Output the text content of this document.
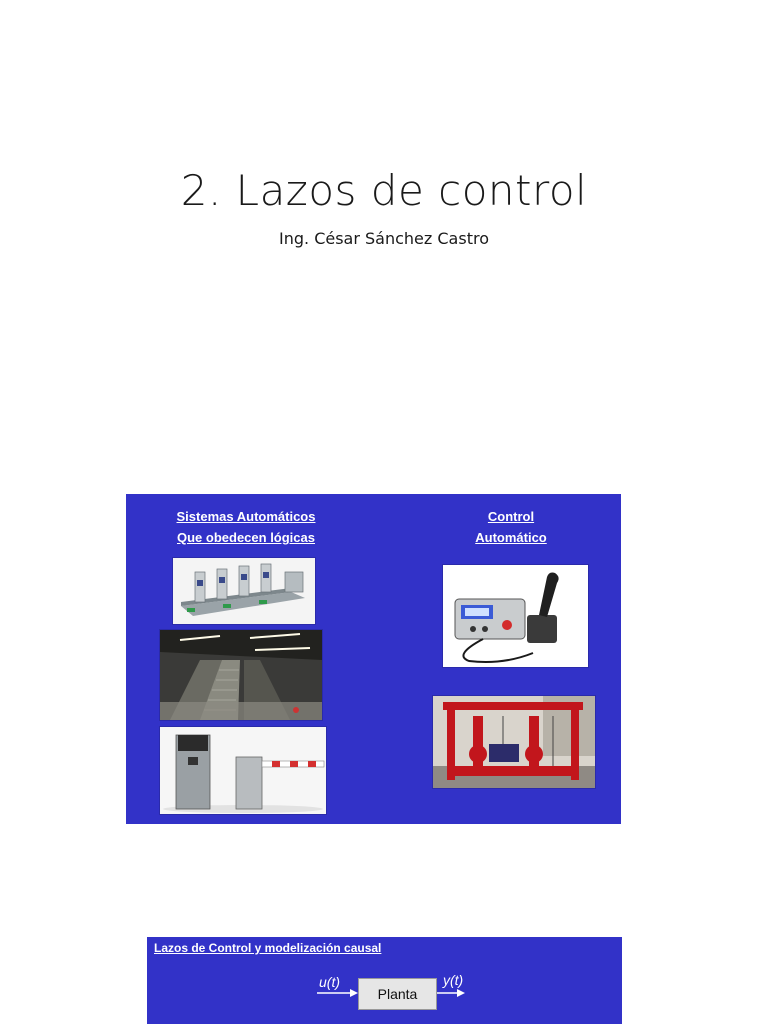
2. Lazos de control
Ing. César Sánchez Castro
Sistemas Automáticos
Que obedecen lógicas
Control
Automático
Lazos de Control y modelización causal
u(t)
Planta
y(t)
